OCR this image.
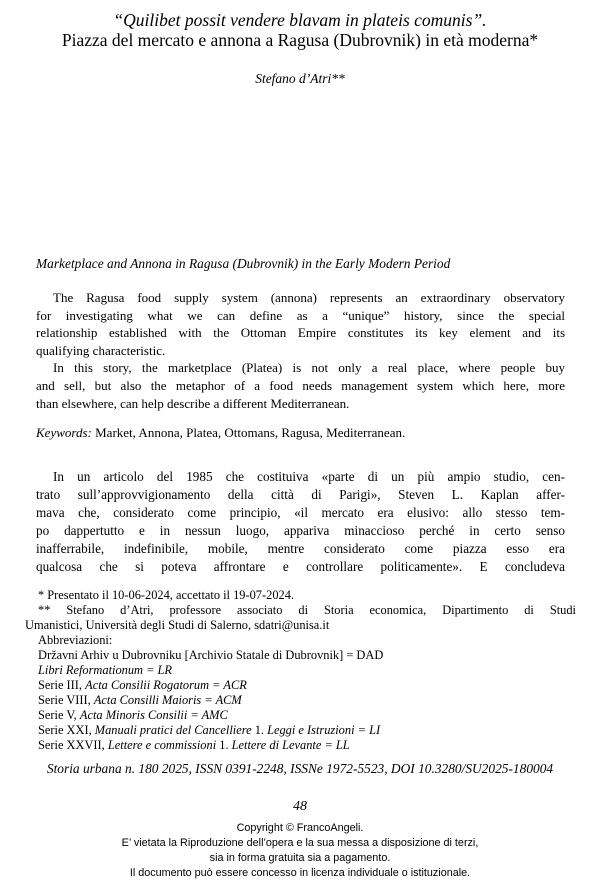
“Quilibet possit vendere blavam in plateis comunis”.
Piazza del mercato e annona a Ragusa (Dubrovnik) in età moderna*
Stefano d’Atri**
Marketplace and Annona in Ragusa (Dubrovnik) in the Early Modern Period
The Ragusa food supply system (annona) represents an extraordinary observatory
for investigating what we can define as a “unique” history, since the special
relationship established with the Ottoman Empire constitutes its key element and its
qualifying characteristic.
In this story, the marketplace (Platea) is not only a real place, where people buy
and sell, but also the metaphor of a food needs management system which here, more
than elsewhere, can help describe a different Mediterranean.
Keywords: Market, Annona, Platea, Ottomans, Ragusa, Mediterranean.
In un articolo del 1985 che costituiva «parte di un più ampio studio, cen-
trato sull’approvvigionamento della città di Parigi», Steven L. Kaplan affer-
mava che, considerato come principio, «il mercato era elusivo: allo stesso tem-
po dappertutto e in nessun luogo, appariva minaccioso perché in certo senso
inafferrabile, indefinibile, mobile, mentre considerato come piazza esso era
qualcosa che si poteva affrontare e controllare politicamente». E concludeva
* Presentato il 10-06-2024, accettato il 19-07-2024.
** Stefano d’Atri, professore associato di Storia economica, Dipartimento di Studi
Umanistici, Università degli Studi di Salerno, sdatri@unisa.it
Abbreviazioni:
Državni Arhiv u Dubrovniku [Archivio Statale di Dubrovnik] = DAD
Libri Reformationum = LR
Serie III, Acta Consilii Rogatorum = ACR
Serie VIII, Acta Consilli Maioris = ACM
Serie V, Acta Minoris Consilii = AMC
Serie XXI, Manuali pratici del Cancelliere 1. Leggi e Istruzioni = LI
Serie XXVII, Lettere e commissioni 1. Lettere di Levante = LL
Storia urbana n. 180 2025, ISSN 0391-2248, ISSNe 1972-5523, DOI 10.3280/SU2025-180004
48
Copyright © FrancoAngeli.
E’ vietata la Riproduzione dell’opera e la sua messa a disposizione di terzi,
sia in forma gratuita sia a pagamento.
Il documento può essere concesso in licenza individuale o istituzionale.
